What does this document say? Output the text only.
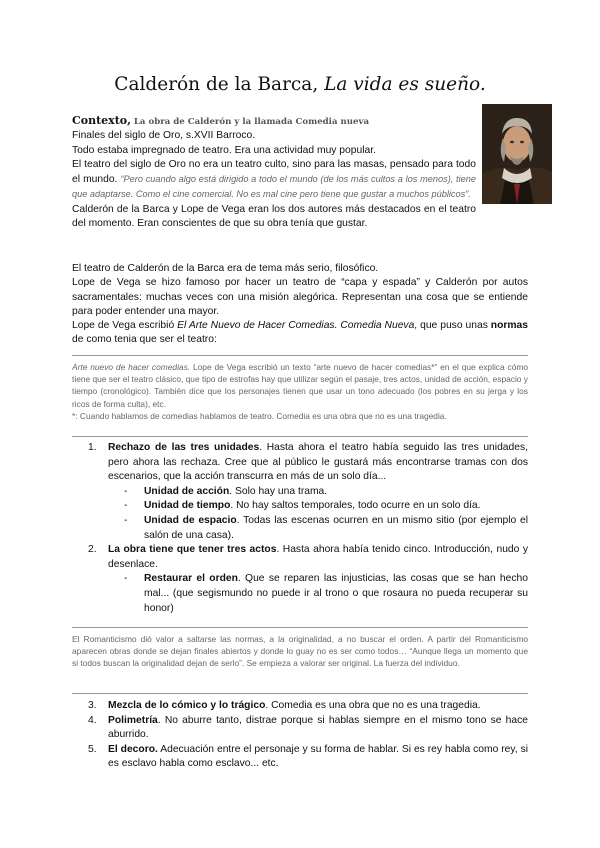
Calderón de la Barca, La vida es sueño.

Contexto, La obra de Calderón y la llamada Comedia nueva

Finales del siglo de Oro, s.XVII Barroco.

Todo estaba impregnado de teatro. Era una actividad muy popular.

El teatro del siglo de Oro no era un teatro culto, sino para las masas, pensado para todo el mundo. “Pero cuando algo está dirigido a todo el mundo (de los más cultos a los menos), tiene que adaptarse. Como el cine comercial. No es mal cine pero tiene que gustar a muchos públicos”.

Calderón de la Barca y Lope de Vega eran los dos autores más destacados en el teatro del momento. Eran conscientes de que su obra tenía que gustar.

El teatro de Calderón de la Barca era de tema más serio, filosófico.

Lope de Vega se hizo famoso por hacer un teatro de “capa y espada” y Calderón por autos sacramentales: muchas veces con una misión alegórica. Representan una cosa que se entiende para poder entender una mayor.

Lope de Vega escribió El Arte Nuevo de Hacer Comedias. Comedia Nueva, que puso unas normas de como tenia que ser el teatro:

Arte nuevo de hacer comedias. Lope de Vega escribió un texto “arte nuevo de hacer comedias*” en el que explica cómo tiene que ser el teatro clásico, que tipo de estrofas hay que utilizar según el pasaje, tres actos, unidad de acción, espacio y tiempo (cronológico). También dice que los personajes tienen que usar un tono adecuado (los pobres en su jerga y los ricos de forma culta), etc.

*: Cuando hablamos de comedias hablamos de teatro. Comedia es una obra que no es una tragedia.

1. Rechazo de las tres unidades. Hasta ahora el teatro había seguido las tres unidades, pero ahora las rechaza. Cree que al público le gustará más encontrarse tramas con dos escenarios, que la acción transcurra en más de un solo día...
- Unidad de acción. Solo hay una trama.
- Unidad de tiempo. No hay saltos temporales, todo ocurre en un solo día.
- Unidad de espacio. Todas las escenas ocurren en un mismo sitio (por ejemplo el salón de una casa).
2. La obra tiene que tener tres actos. Hasta ahora había tenido cinco. Introducción, nudo y desenlace.
- Restaurar el orden. Que se reparen las injusticias, las cosas que se han hecho mal... (que segismundo no puede ir al trono o que rosaura no pueda recuperar su honor)

El Romanticismo dió valor a saltarse las normas, a la originalidad, a no buscar el orden. A partir del Romanticismo aparecen obras donde se dejan finales abiertos y donde lo guay no es ser como todos… “Aunque llega un momento que si todos buscan la originalidad dejan de serlo”. Se empieza a valorar ser original. La fuerza del individuo.

3. Mezcla de lo cómico y lo trágico. Comedia es una obra que no es una tragedia.
4. Polimetría. No aburre tanto, distrae porque si hablas siempre en el mismo tono se hace aburrido.
5. El decoro. Adecuación entre el personaje y su forma de hablar. Si es rey habla como rey, si es esclavo habla como esclavo... etc.
